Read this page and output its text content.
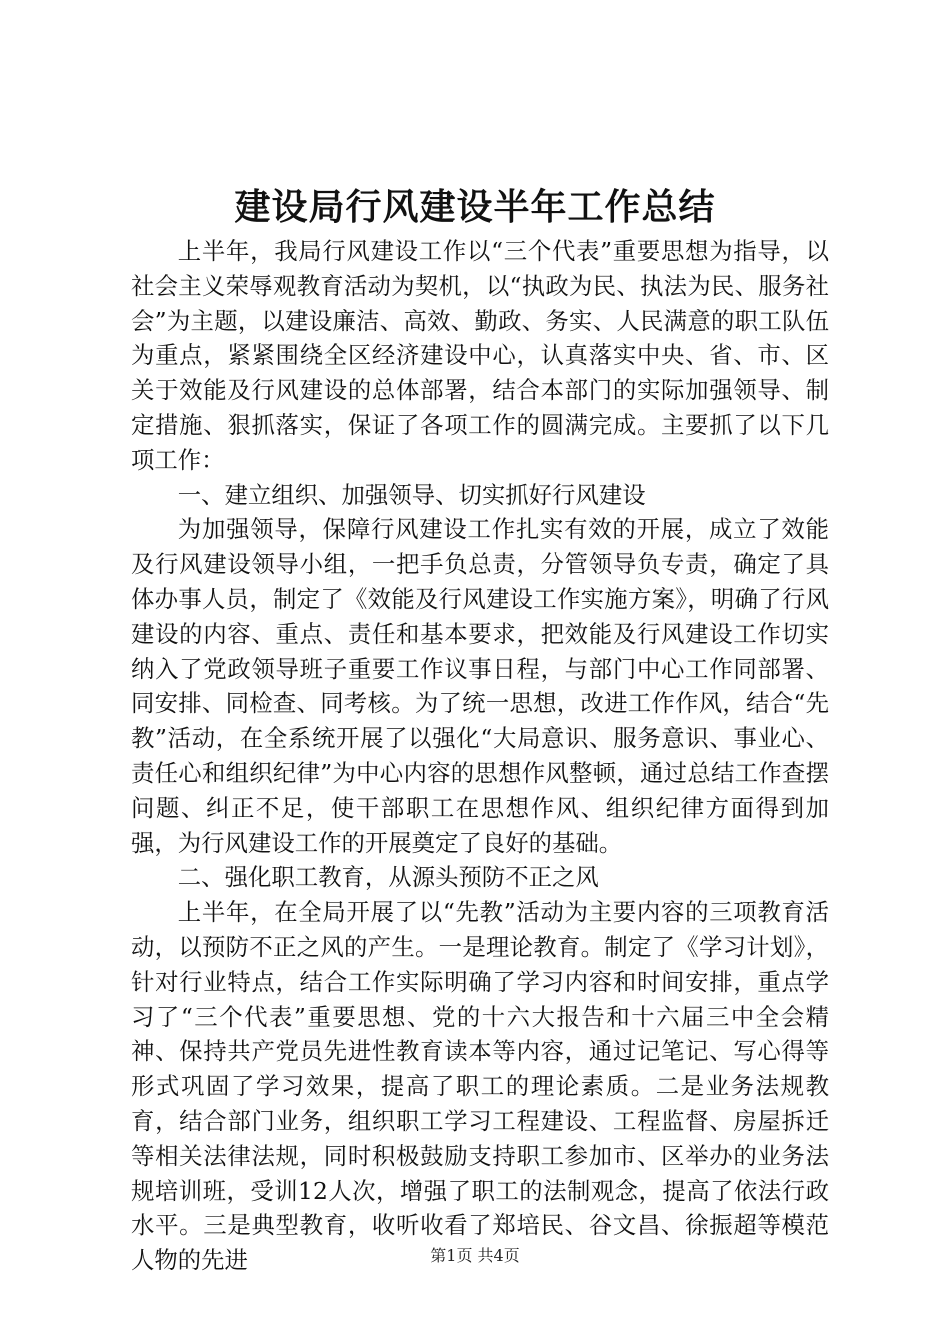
建设局行风建设半年工作总结

上半年，我局行风建设工作以“三个代表”重要思想为指导，以社会主义荣辱观教育活动为契机，以“执政为民、执法为民、服务社会”为主题，以建设廉洁、高效、勤政、务实、人民满意的职工队伍为重点，紧紧围绕全区经济建设中心，认真落实中央、省、市、区关于效能及行风建设的总体部署，结合本部门的实际加强领导、制定措施、狠抓落实，保证了各项工作的圆满完成。主要抓了以下几项工作：

一、建立组织、加强领导、切实抓好行风建设

为加强领导，保障行风建设工作扎实有效的开展，成立了效能及行风建设领导小组，一把手负总责，分管领导负专责，确定了具体办事人员，制定了《效能及行风建设工作实施方案》，明确了行风建设的内容、重点、责任和基本要求，把效能及行风建设工作切实纳入了党政领导班子重要工作议事日程，与部门中心工作同部署、同安排、同检查、同考核。为了统一思想，改进工作作风，结合“先教”活动，在全系统开展了以强化“大局意识、服务意识、事业心、责任心和组织纪律”为中心内容的思想作风整顿，通过总结工作查摆问题、纠正不足，使干部职工在思想作风、组织纪律方面得到加强，为行风建设工作的开展奠定了良好的基础。

二、强化职工教育，从源头预防不正之风

上半年，在全局开展了以“先教”活动为主要内容的三项教育活动，以预防不正之风的产生。一是理论教育。制定了《学习计划》，针对行业特点，结合工作实际明确了学习内容和时间安排，重点学习了“三个代表”重要思想、党的十六大报告和十六届三中全会精神、保持共产党员先进性教育读本等内容，通过记笔记、写心得等形式巩固了学习效果，提高了职工的理论素质。二是业务法规教育，结合部门业务，组织职工学习工程建设、工程监督、房屋拆迁等相关法律法规，同时积极鼓励支持职工参加市、区举办的业务法规培训班，受训12人次，增强了职工的法制观念，提高了依法行政水平。三是典型教育，收听收看了郑培民、谷文昌、徐振超等模范人物的先进	第1页 共4页
